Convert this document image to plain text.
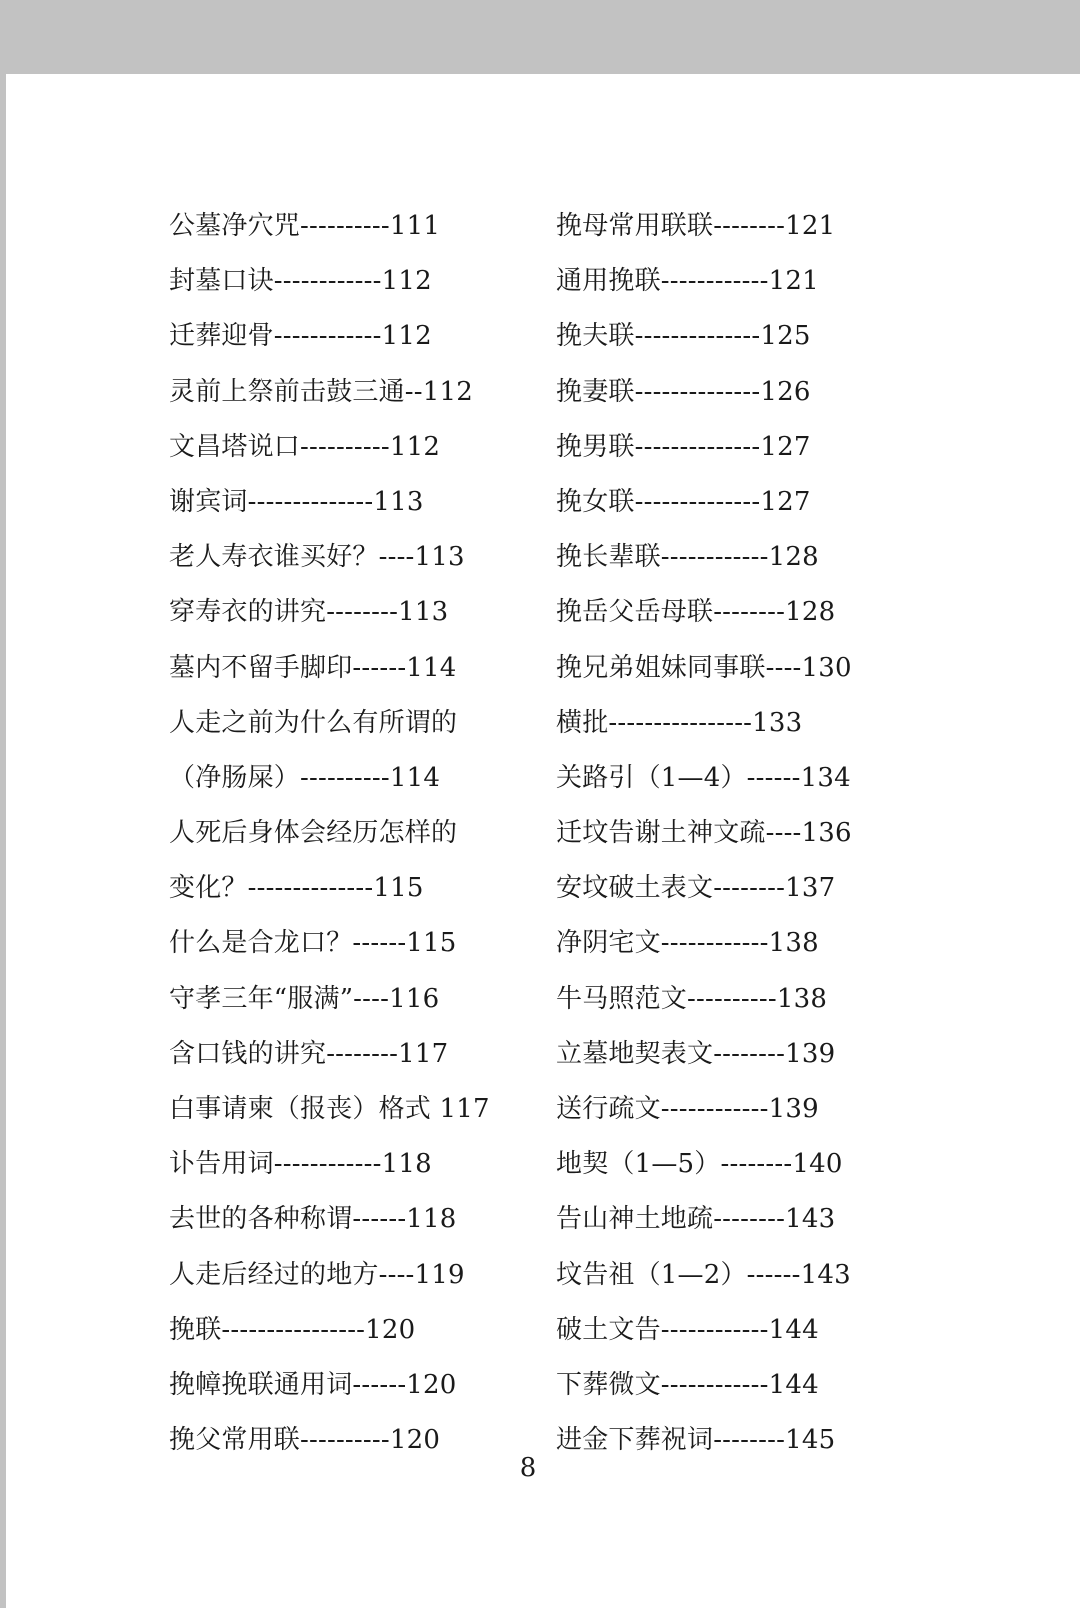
公墓净穴咒----------111
封墓口诀------------112
迁葬迎骨------------112
灵前上祭前击鼓三通--112
文昌塔说口----------112
谢宾词--------------113
老人寿衣谁买好？----113
穿寿衣的讲究--------113
墓内不留手脚印------114
人走之前为什么有所谓的
（净肠屎）----------114
人死后身体会经历怎样的
变化？--------------115
什么是合龙口？------115
守孝三年“服满”----116
含口钱的讲究--------117
白事请柬（报丧）格式 117
讣告用词------------118
去世的各种称谓------118
人走后经过的地方----119
挽联----------------120
挽幛挽联通用词------120
挽父常用联----------120
挽母常用联联--------121
通用挽联------------121
挽夫联--------------125
挽妻联--------------126
挽男联--------------127
挽女联--------------127
挽长辈联------------128
挽岳父岳母联--------128
挽兄弟姐妹同事联----130
横批----------------133
关路引（1—4）------134
迁坟告谢土神文疏----136
安坟破土表文--------137
净阴宅文------------138
牛马照范文----------138
立墓地契表文--------139
送行疏文------------139
地契（1—5）--------140
告山神土地疏--------143
坟告祖（1—2）------143
破土文告------------144
下葬微文------------144
进金下葬祝词--------145
8
